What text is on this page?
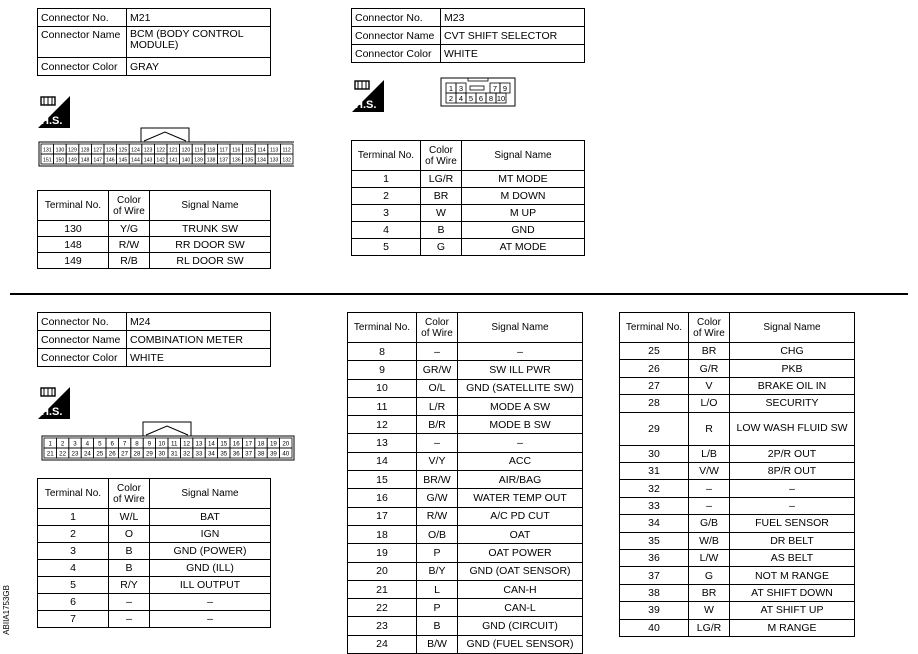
Connector No.	M21
Connector Name	BCM (BODY CONTROL MODULE)
Connector Color	GRAY
H.S.
131 130 129 128 127 126 125 124 123 122 121 120 119 118 117 116 115 114 113 112
151 150 149 148 147 146 145 144 143 142 141 140 139 138 137 136 135 134 133 132
Terminal No.	Color of Wire	Signal Name
130	Y/G	TRUNK SW
148	R/W	RR DOOR SW
149	R/B	RL DOOR SW
Connector No.	M23
Connector Name	CVT SHIFT SELECTOR
Connector Color	WHITE
H.S.
1 3	7 9
2 4 5 6 8 10
Terminal No.	Color of Wire	Signal Name
1	LG/R	MT MODE
2	BR	M DOWN
3	W	M UP
4	B	GND
5	G	AT MODE
Connector No.	M24
Connector Name	COMBINATION METER
Connector Color	WHITE
H.S.
1 2 3 4 5 6 7 8 9 10 11 12 13 14 15 16 17 18 19 20
21 22 23 24 25 26 27 28 29 30 31 32 33 34 35 36 37 38 39 40
Terminal No.	Color of Wire	Signal Name
1	W/L	BAT
2	O	IGN
3	B	GND (POWER)
4	B	GND (ILL)
5	R/Y	ILL OUTPUT
6	–	–
7	–	–
Terminal No.	Color of Wire	Signal Name
8	–	–
9	GR/W	SW ILL PWR
10	O/L	GND (SATELLITE SW)
11	L/R	MODE A SW
12	B/R	MODE B SW
13	–	–
14	V/Y	ACC
15	BR/W	AIR/BAG
16	G/W	WATER TEMP OUT
17	R/W	A/C PD CUT
18	O/B	OAT
19	P	OAT POWER
20	B/Y	GND (OAT SENSOR)
21	L	CAN-H
22	P	CAN-L
23	B	GND (CIRCUIT)
24	B/W	GND (FUEL SENSOR)
Terminal No.	Color of Wire	Signal Name
25	BR	CHG
26	G/R	PKB
27	V	BRAKE OIL IN
28	L/O	SECURITY
29	R	LOW WASH FLUID SW
30	L/B	2P/R OUT
31	V/W	8P/R OUT
32	–	–
33	–	–
34	G/B	FUEL SENSOR
35	W/B	DR BELT
36	L/W	AS BELT
37	G	NOT M RANGE
38	BR	AT SHIFT DOWN
39	W	AT SHIFT UP
40	LG/R	M RANGE
ABIIA1753GB
